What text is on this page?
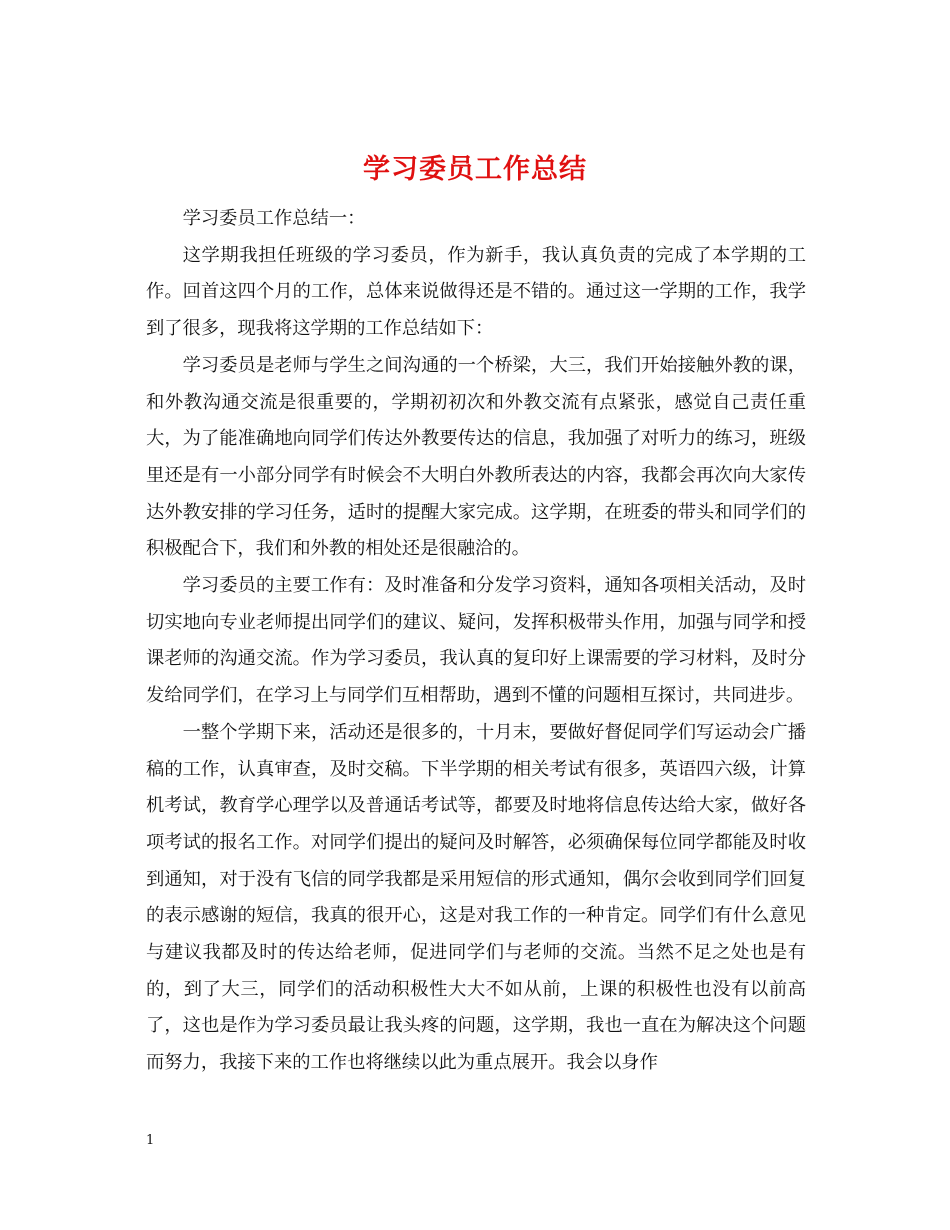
学习委员工作总结

学习委员工作总结一：

这学期我担任班级的学习委员，作为新手，我认真负责的完成了本学期的工作。回首这四个月的工作，总体来说做得还是不错的。通过这一学期的工作，我学到了很多，现我将这学期的工作总结如下：

学习委员是老师与学生之间沟通的一个桥梁，大三，我们开始接触外教的课，和外教沟通交流是很重要的，学期初初次和外教交流有点紧张，感觉自己责任重大，为了能准确地向同学们传达外教要传达的信息，我加强了对听力的练习，班级里还是有一小部分同学有时候会不大明白外教所表达的内容，我都会再次向大家传达外教安排的学习任务，适时的提醒大家完成。这学期，在班委的带头和同学们的积极配合下，我们和外教的相处还是很融洽的。

学习委员的主要工作有：及时准备和分发学习资料，通知各项相关活动，及时切实地向专业老师提出同学们的建议、疑问，发挥积极带头作用，加强与同学和授课老师的沟通交流。作为学习委员，我认真的复印好上课需要的学习材料，及时分发给同学们，在学习上与同学们互相帮助，遇到不懂的问题相互探讨，共同进步。

一整个学期下来，活动还是很多的，十月末，要做好督促同学们写运动会广播稿的工作，认真审查，及时交稿。下半学期的相关考试有很多，英语四六级，计算机考试，教育学心理学以及普通话考试等，都要及时地将信息传达给大家，做好各项考试的报名工作。对同学们提出的疑问及时解答，必须确保每位同学都能及时收到通知，对于没有飞信的同学我都是采用短信的形式通知，偶尔会收到同学们回复的表示感谢的短信，我真的很开心，这是对我工作的一种肯定。同学们有什么意见与建议我都及时的传达给老师，促进同学们与老师的交流。当然不足之处也是有的，到了大三，同学们的活动积极性大大不如从前，上课的积极性也没有以前高了，这也是作为学习委员最让我头疼的问题，这学期，我也一直在为解决这个问题而努力，我接下来的工作也将继续以此为重点展开。我会以身作

1
